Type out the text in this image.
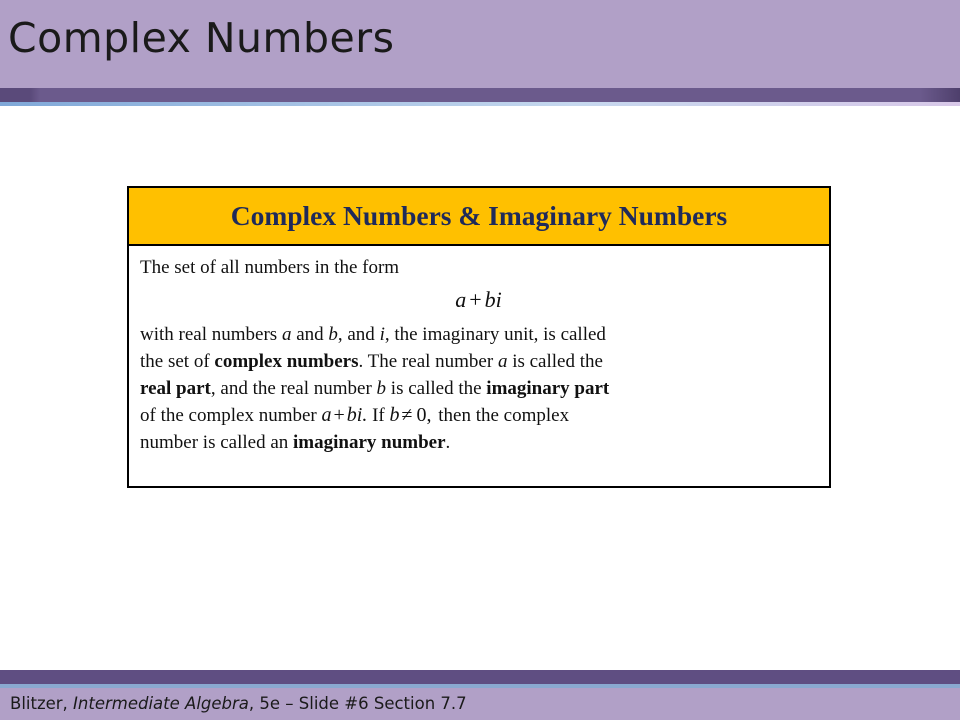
Complex Numbers
Complex Numbers & Imaginary Numbers

The set of all numbers in the form

a + bi

with real numbers a and b, and i, the imaginary unit, is called
the set of complex numbers. The real number a is called the
real part, and the real number b is called the imaginary part
of the complex number a + bi. If b ≠ 0, then the complex
number is called an imaginary number.

Blitzer, Intermediate Algebra, 5e – Slide #6 Section 7.7
